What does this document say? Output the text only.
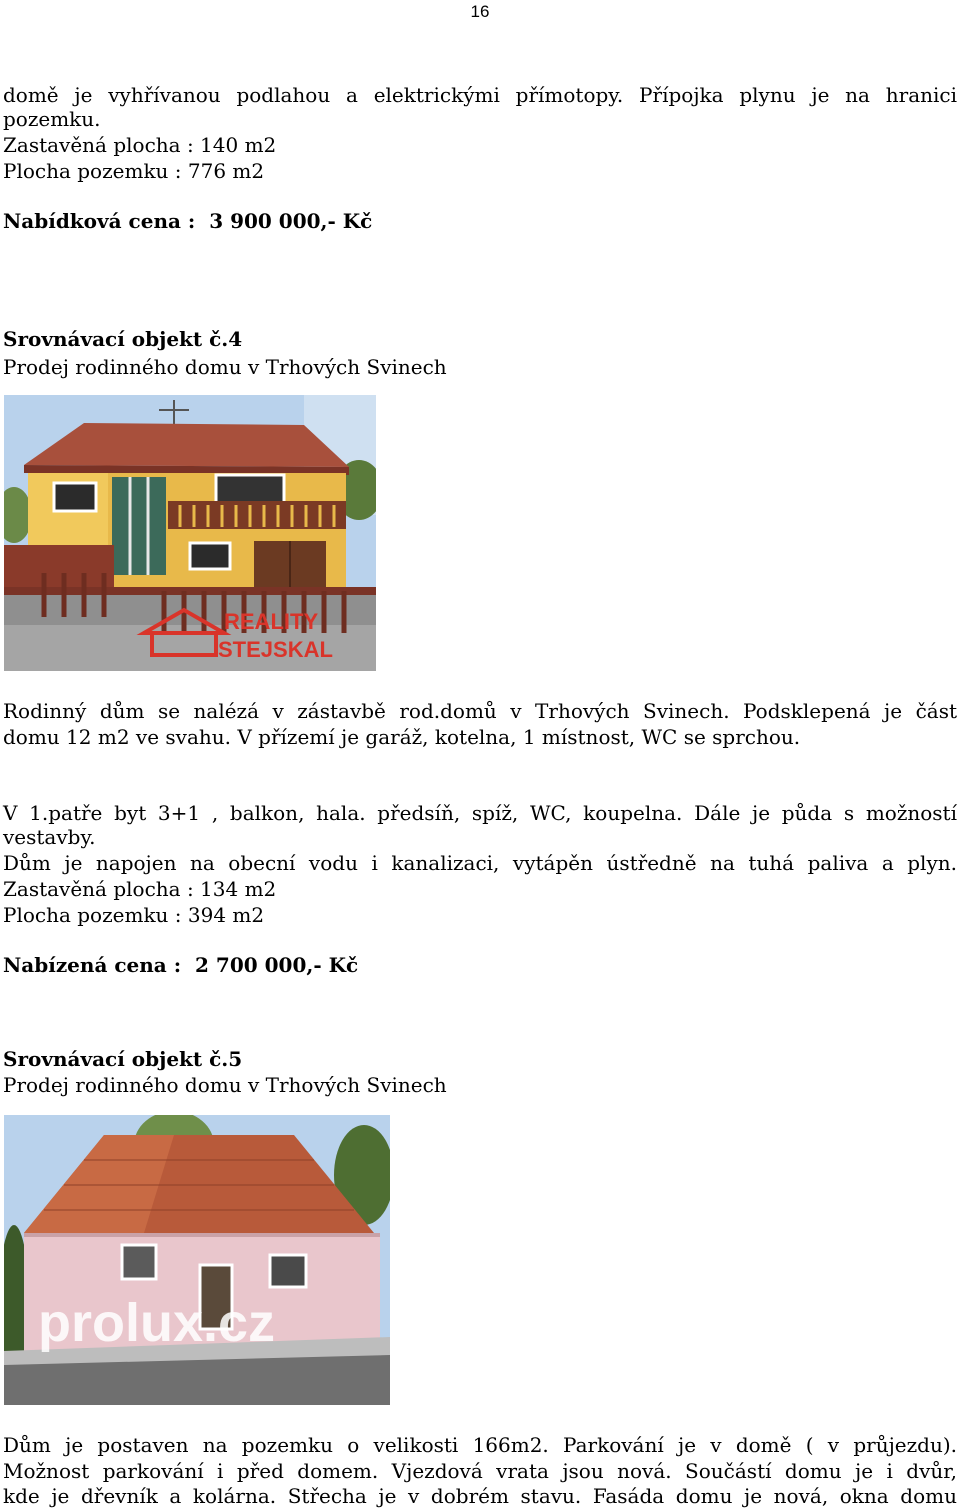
16
domě je vyhřívanou podlahou a elektrickými přímotopy. Přípojka plynu je na hranici
pozemku.
Zastavěná plocha : 140 m2
Plocha pozemku : 776 m2
Nabídková cena :  3 900 000,- Kč
Srovnávací objekt č.4
Prodej rodinného domu v Trhových Svinech
REALITY
STEJSKAL
Rodinný dům se nalézá v zástavbě rod.domů v Trhových Svinech. Podsklepená je část
domu 12 m2 ve svahu. V přízemí je garáž, kotelna, 1 místnost, WC se sprchou.
V 1.patře byt 3+1 , balkon, hala. předsíň, spíž, WC, koupelna. Dále je půda s možností
vestavby.
Dům je napojen na obecní vodu i kanalizaci, vytápěn ústředně na tuhá paliva a plyn.
Zastavěná plocha : 134 m2
Plocha pozemku : 394 m2
Nabízená cena :  2 700 000,- Kč
Srovnávací objekt č.5
Prodej rodinného domu v Trhových Svinech
prolux.cz
Dům je postaven na pozemku o velikosti 166m2. Parkování je v domě ( v průjezdu).
Možnost parkování i před domem. Vjezdová vrata jsou nová. Součástí domu je i dvůr,
kde je dřevník a kolárna. Střecha je v dobrém stavu. Fasáda domu je nová, okna domu
